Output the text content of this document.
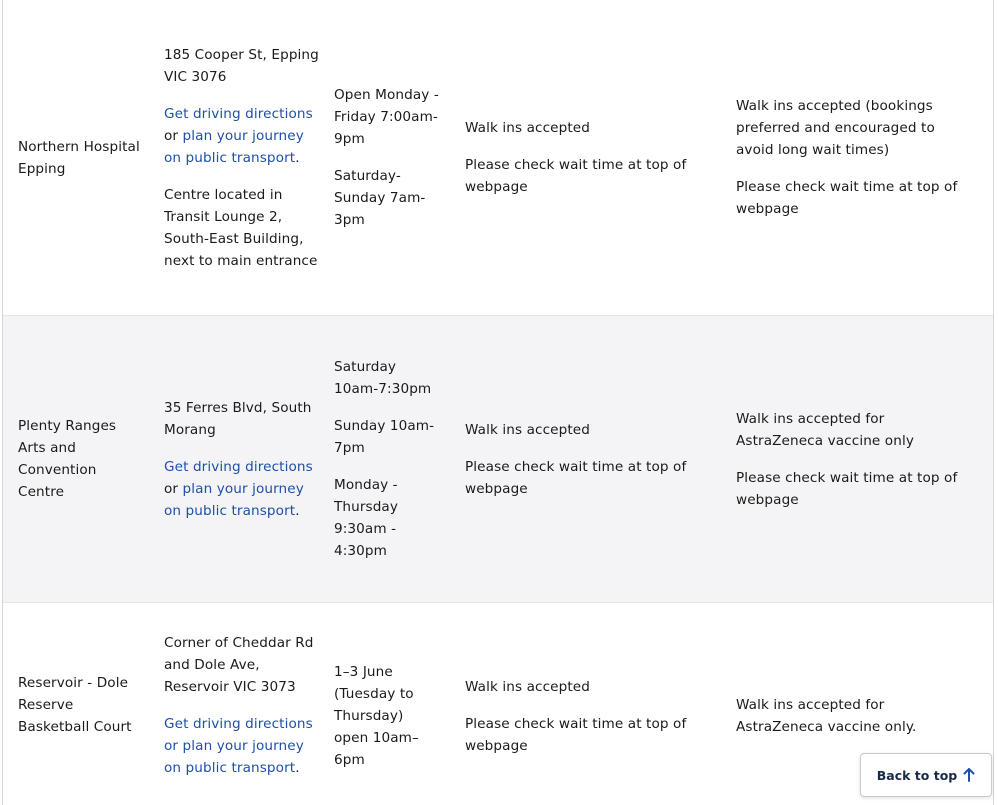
Northern Hospital Epping

185 Cooper St, Epping VIC 3076

Get driving directions or plan your journey on public transport.

Centre located in Transit Lounge 2, South-East Building, next to main entrance

Open Monday - Friday 7:00am-9pm

Saturday-Sunday 7am-3pm

Walk ins accepted

Please check wait time at top of webpage

Walk ins accepted (bookings preferred and encouraged to avoid long wait times)

Please check wait time at top of webpage

Plenty Ranges Arts and Convention Centre

35 Ferres Blvd, South Morang

Get driving directions or plan your journey on public transport.

Saturday 10am-7:30pm

Sunday 10am-7pm

Monday - Thursday 9:30am - 4:30pm

Walk ins accepted

Please check wait time at top of webpage

Walk ins accepted for AstraZeneca vaccine only

Please check wait time at top of webpage

Reservoir - Dole Reserve Basketball Court

Corner of Cheddar Rd and Dole Ave, Reservoir VIC 3073

Get driving directions or plan your journey on public transport.

1–3 June (Tuesday to Thursday) open 10am–6pm

Walk ins accepted

Please check wait time at top of webpage

Walk ins accepted for AstraZeneca vaccine only.

Back to top
